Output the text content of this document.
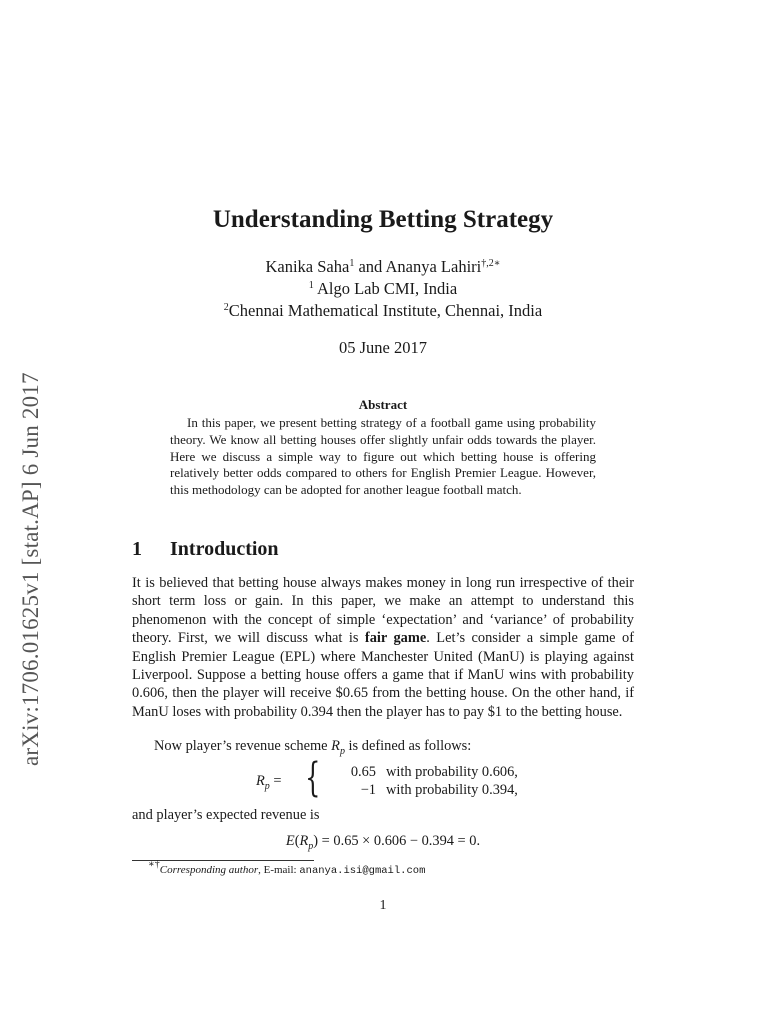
arXiv:1706.01625v1 [stat.AP] 6 Jun 2017
Understanding Betting Strategy
Kanika Saha$^1$ and Ananya Lahiri$^{\dagger,2∗}$
$^1$ Algo Lab CMI, India
$^2$Chennai Mathematical Institute, Chennai, India
05 June 2017
Abstract

In this paper, we present betting strategy of a football game using probability theory. We know all betting houses offer slightly unfair odds towards the player. Here we discuss a simple way to figure out which betting house is offering relatively better odds compared to others for English Premier League. However, this methodology can be adopted for another league football match.

1 Introduction

It is believed that betting house always makes money in long run irrespective of their short term loss or gain. In this paper, we make an attempt to understand this phenomenon with the concept of simple ‘expectation’ and ‘variance’ of probability theory. First, we will discuss what is fair game. Let’s consider a simple game of English Premier League (EPL) where Manchester United (ManU) is playing against Liverpool. Suppose a betting house offers a game that if ManU wins with probability 0.606, then the player will receive $0.65 from the betting house. On the other hand, if ManU loses with probability 0.394 then the player has to pay $1 to the betting house.

Now player’s revenue scheme $R_p$ is defined as follows:

$R_p$ = {	0.65 with probability 0.606,
−1 with probability 0.394,

and player’s expected revenue is

$E(R_p) = 0.65 \times 0.606 - 0.394 = 0$.
∗†Corresponding author, E-mail: ananya.isi@gmail.com
1
